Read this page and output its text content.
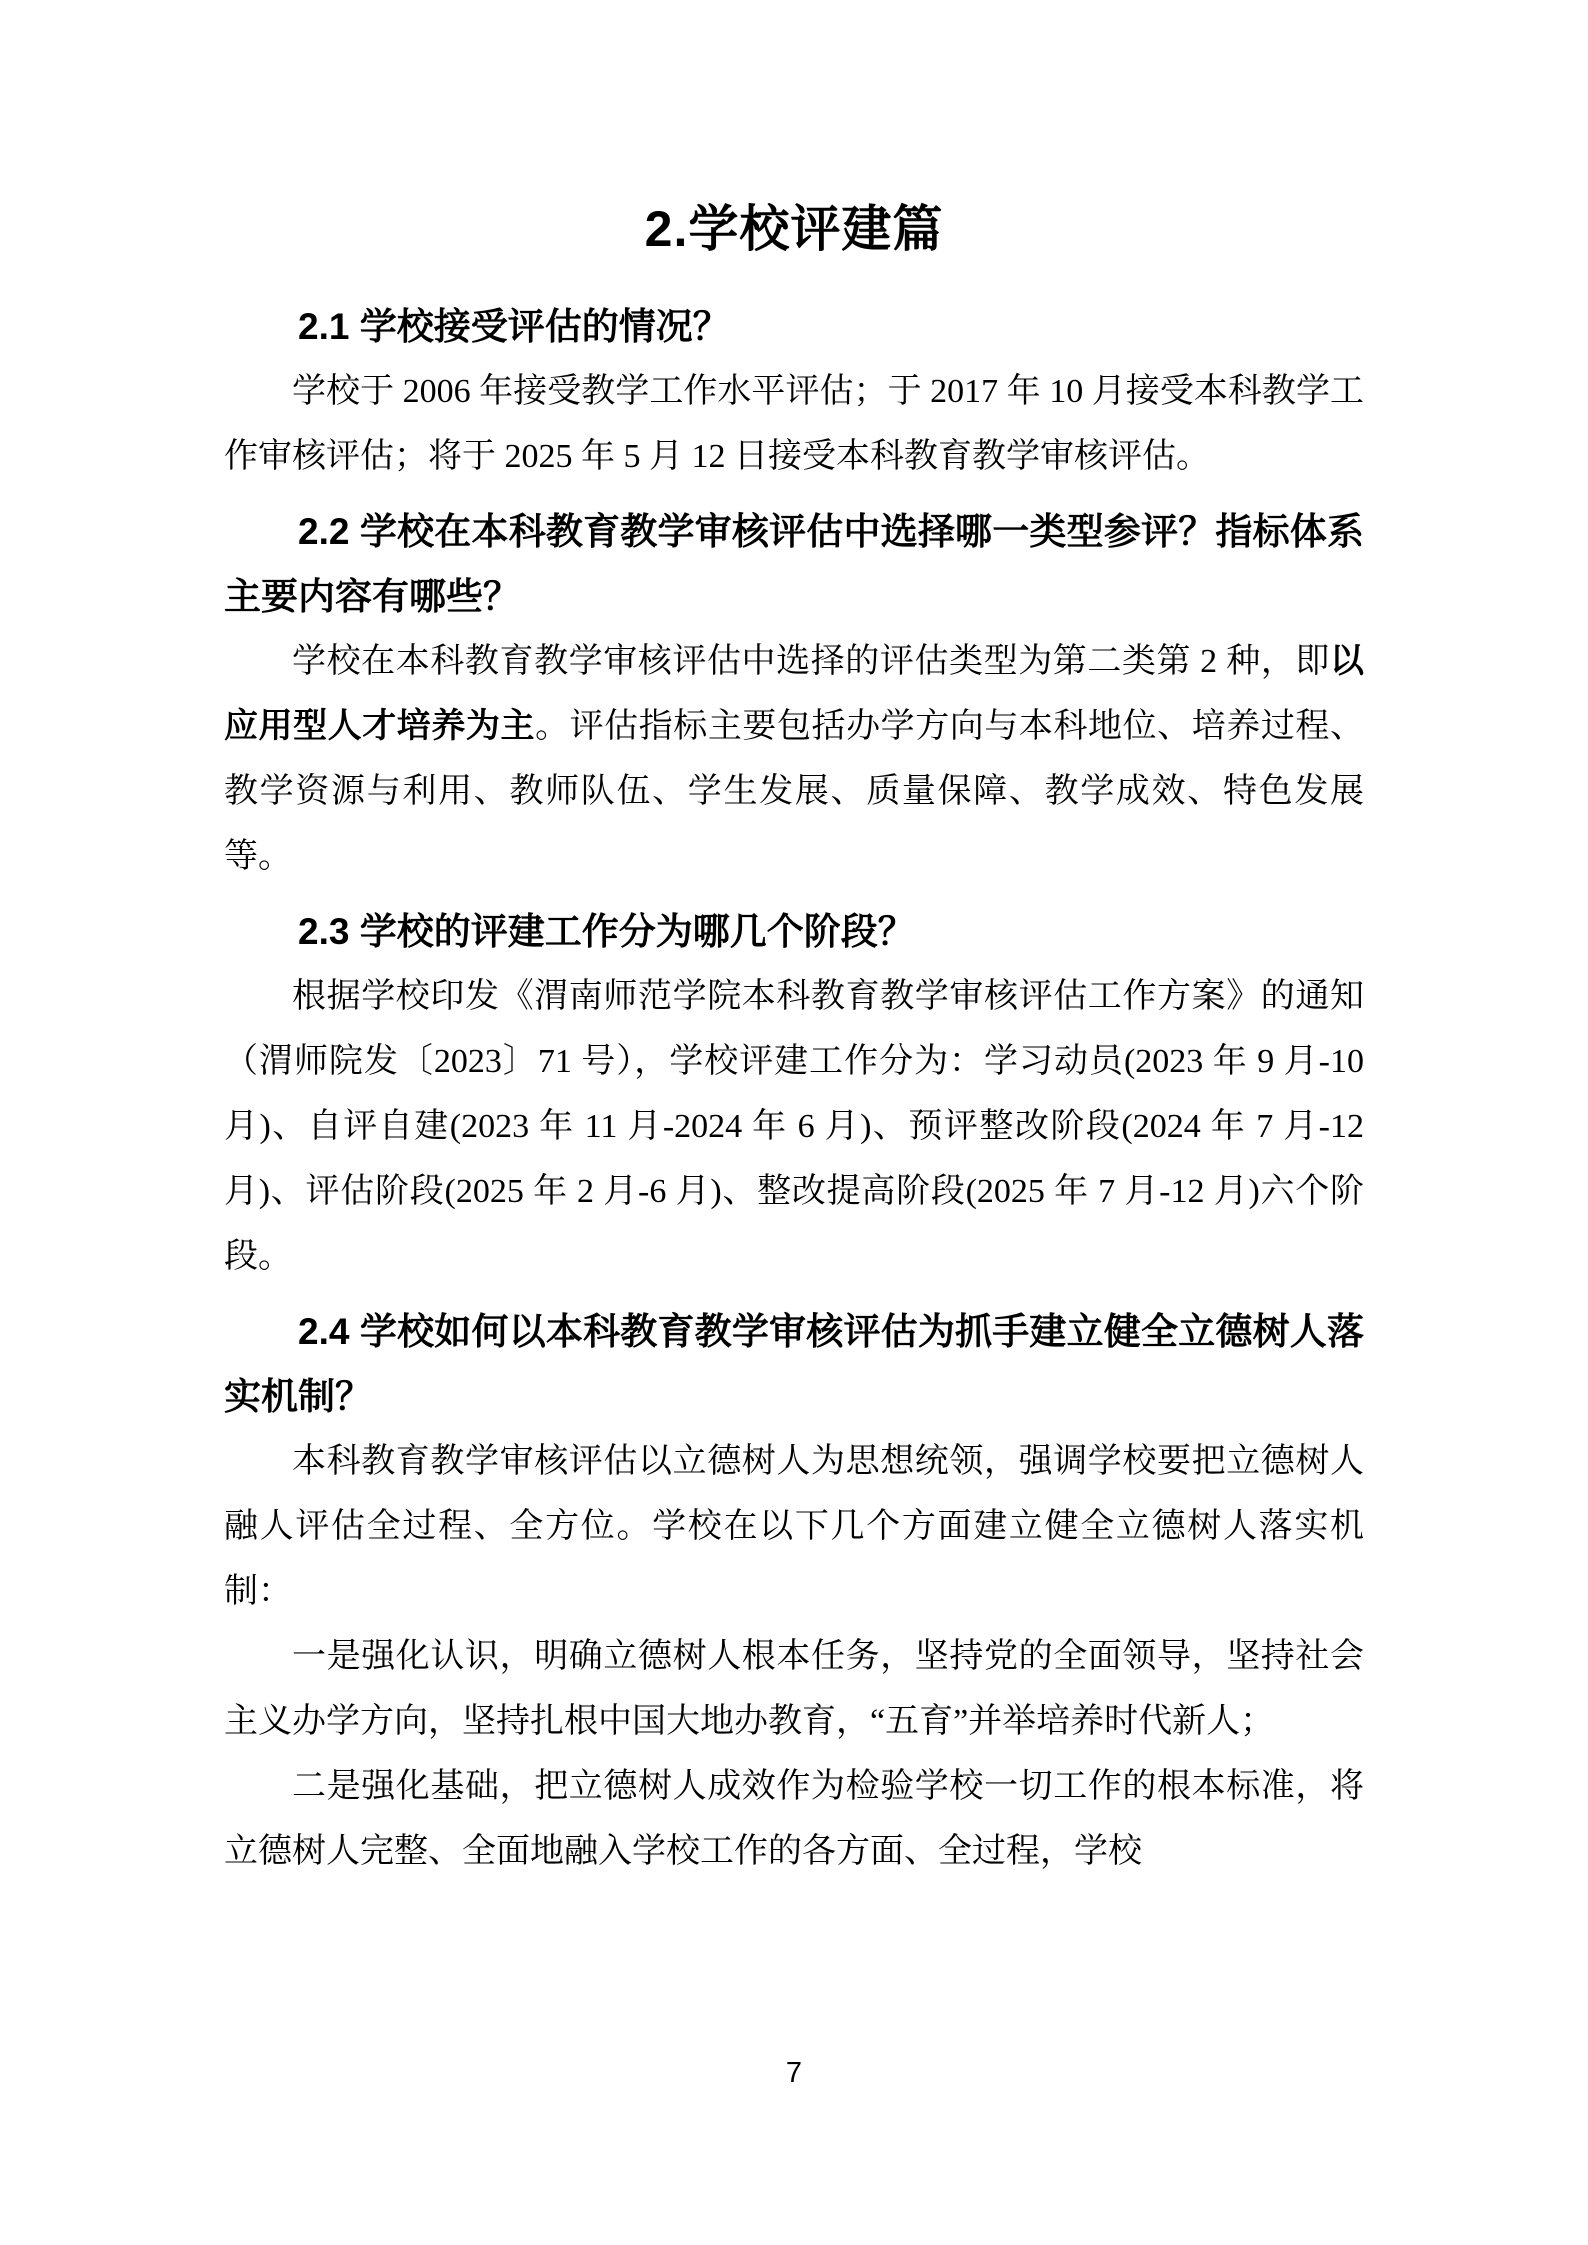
2.学校评建篇
2.1 学校接受评估的情况？

学校于 2006 年接受教学工作水平评估；于 2017 年 10 月接受本科教学工作审核评估；将于 2025 年 5 月 12 日接受本科教育教学审核评估。

2.2 学校在本科教育教学审核评估中选择哪一类型参评？指标体系主要内容有哪些？

学校在本科教育教学审核评估中选择的评估类型为第二类第 2 种，即以应用型人才培养为主。评估指标主要包括办学方向与本科地位、培养过程、教学资源与利用、教师队伍、学生发展、质量保障、教学成效、特色发展等。

2.3 学校的评建工作分为哪几个阶段？

根据学校印发《渭南师范学院本科教育教学审核评估工作方案》的通知（渭师院发〔2023〕71 号），学校评建工作分为：学习动员(2023 年 9 月-10 月)、自评自建(2023 年 11 月-2024 年 6 月)、预评整改阶段(2024 年 7 月-12 月)、评估阶段(2025 年 2 月-6 月)、整改提高阶段(2025 年 7 月-12 月)六个阶段。

2.4 学校如何以本科教育教学审核评估为抓手建立健全立德树人落实机制？

本科教育教学审核评估以立德树人为思想统领，强调学校要把立德树人融人评估全过程、全方位。学校在以下几个方面建立健全立德树人落实机制：

一是强化认识，明确立德树人根本任务，坚持党的全面领导，坚持社会主义办学方向，坚持扎根中国大地办教育，“五育”并举培养时代新人；

二是强化基础，把立德树人成效作为检验学校一切工作的根本标准，将立德树人完整、全面地融入学校工作的各方面、全过程，学校

7
